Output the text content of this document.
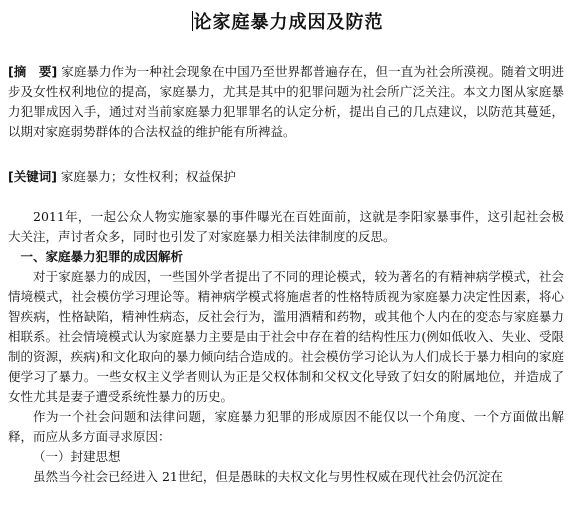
论家庭暴力成因及防范
[摘　要] 家庭暴力作为一种社会现象在中国乃至世界都普遍存在，但一直为社会所漠视。随着文明进步及女性权利地位的提高，家庭暴力，尤其是其中的犯罪问题为社会所广泛关注。本文力图从家庭暴力犯罪成因入手，通过对当前家庭暴力犯罪罪名的认定分析，提出自己的几点建议，以防范其蔓延，以期对家庭弱势群体的合法权益的维护能有所裨益。
[关键词] 家庭暴力；女性权利；权益保护

2011年，一起公众人物实施家暴的事件曝光在百姓面前，这就是李阳家暴事件，这引起社会极大关注，声讨者众多，同时也引发了对家庭暴力相关法律制度的反思。

一、家庭暴力犯罪的成因解析

对于家庭暴力的成因，一些国外学者提出了不同的理论模式，较为著名的有精神病学模式，社会情境模式，社会模仿学习理论等。精神病学模式将施虐者的性格特质视为家庭暴力决定性因素，将心智疾病，性格缺陷，精神性病态，反社会行为，滥用酒精和药物，或其他个人内在的変态与家庭暴力相联系。社会情境模式认为家庭暴力主要是由于社会中存在着的结构性压力(例如低收入、失业、受限制的资源，疾病)和文化取向的暴力倾向结合造成的。社会模仿学习论认为人们成长于暴力相向的家庭便学习了暴力。一些女权主义学者则认为正是父权体制和父权文化导致了妇女的附属地位，并造成了女性尤其是妻子遭受系统性暴力的历史。

作为一个社会问题和法律问题，家庭暴力犯罪的形成原因不能仅以一个角度、一个方面做出解释，而应从多方面寻求原因：

（一）封建思想

虽然当今社会已经进入 21世纪，但是愚昧的夫权文化与男性权威在现代社会仍沉淀在
